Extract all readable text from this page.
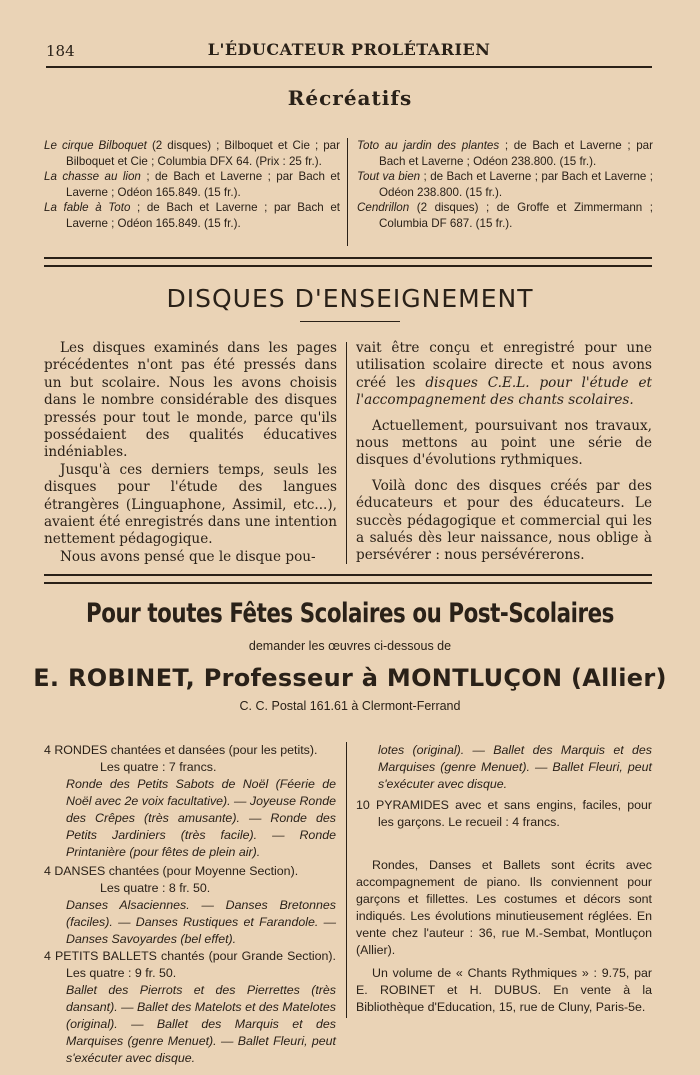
184	L'ÉDUCATEUR PROLÉTARIEN
Récréatifs

Le cirque Bilboquet (2 disques) ; Bilboquet et Cie ; par Bilboquet et Cie ; Columbia DFX 64. (Prix : 25 fr.).

La chasse au lion ; de Bach et Laverne ; par Bach et Laverne ; Odéon 165.849. (15 fr.).

La fable à Toto ; de Bach et Laverne ; par Bach et Laverne ; Odéon 165.849. (15 fr.).

Toto au jardin des plantes ; de Bach et Laverne ; par Bach et Laverne ; Odéon 238.800. (15 fr.).

Tout va bien ; de Bach et Laverne ; par Bach et Laverne ; Odéon 238.800. (15 fr.).

Cendrillon (2 disques) ; de Groffe et Zimmermann ; Columbia DF 687. (15 fr.).

DISQUES D'ENSEIGNEMENT

Les disques examinés dans les pages précédentes n'ont pas été pressés dans un but scolaire. Nous les avons choisis dans le nombre considérable des disques pressés pour tout le monde, parce qu'ils possédaient des qualités éducatives indéniables.

Jusqu'à ces derniers temps, seuls les disques pour l'étude des langues étrangères (Linguaphone, Assimil, etc...), avaient été enregistrés dans une intention nettement pédagogique.

Nous avons pensé que le disque pou-

vait être conçu et enregistré pour une utilisation scolaire directe et nous avons créé les disques C.E.L. pour l'étude et l'accompagnement des chants scolaires.

Actuellement, poursuivant nos travaux, nous mettons au point une série de disques d'évolutions rythmiques.

Voilà donc des disques créés par des éducateurs et pour des éducateurs. Le succès pédagogique et commercial qui les a salués dès leur naissance, nous oblige à persévérer : nous persévérerons.

Pour toutes Fêtes Scolaires ou Post-Scolaires
demander les œuvres ci-dessous de
E. ROBINET, Professeur à MONTLUÇON (Allier)
C. C. Postal 161.61 à Clermont-Ferrand

4 RONDES chantées et dansées (pour les petits).

Les quatre : 7 francs.

Ronde des Petits Sabots de Noël (Féerie de Noël avec 2e voix facultative). — Joyeuse Ronde des Crêpes (très amusante). — Ronde des Petits Jardiniers (très facile). — Ronde Printanière (pour fêtes de plein air).

4 DANSES chantées (pour Moyenne Section).

Les quatre : 8 fr. 50.

Danses Alsaciennes. — Danses Bretonnes (faciles). — Danses Rustiques et Farandole. — Danses Savoyardes (bel effet).

4 PETITS BALLETS chantés (pour Grande Section). Les quatre : 9 fr. 50.

Ballet des Pierrots et des Pierrettes (très dansant). — Ballet des Matelots et des Matelotes (original). — Ballet des Marquis et des Marquises (genre Menuet). — Ballet Fleuri, peut s'exécuter avec disque.

lotes (original). — Ballet des Marquis et des Marquises (genre Menuet). — Ballet Fleuri, peut s'exécuter avec disque.

10 PYRAMIDES avec et sans engins, faciles, pour les garçons. Le recueil : 4 francs.

Rondes, Danses et Ballets sont écrits avec accompagnement de piano. Ils conviennent pour garçons et fillettes. Les costumes et décors sont indiqués. Les évolutions minutieusement réglées. En vente chez l'auteur : 36, rue M.-Sembat, Montluçon (Allier).

Un volume de « Chants Rythmiques » : 9.75, par E. ROBINET et H. DUBUS. En vente à la Bibliothèque d'Education, 15, rue de Cluny, Paris-5e.
